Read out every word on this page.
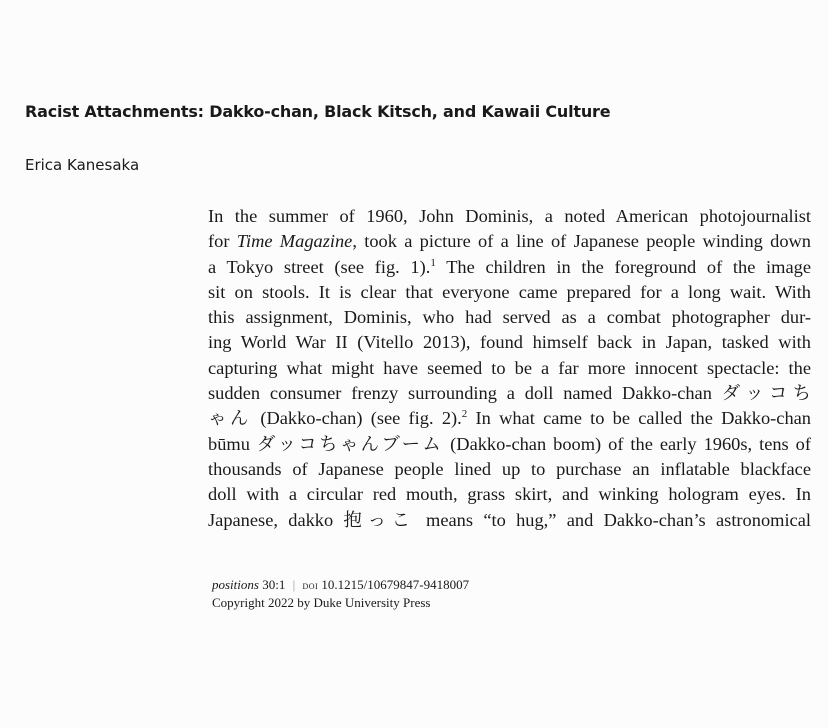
Racist Attachments: Dakko-chan, Black Kitsch, and Kawaii Culture

Erica Kanesaka

In the summer of 1960, John Dominis, a noted American photojournalist
for Time Magazine, took a picture of a line of Japanese people winding down
a Tokyo street (see fig. 1).$^1$ The children in the foreground of the image
sit on stools. It is clear that everyone came prepared for a long wait. With
this assignment, Dominis, who had served as a combat photographer dur-
ing World War II (Vitello 2013), found himself back in Japan, tasked with
capturing what might have seemed to be a far more innocent spectacle: the
sudden consumer frenzy surrounding a doll named Dakko-chan ダッコち
ゃん (Dakko-chan) (see fig. 2).$^2$ In what came to be called the Dakko-chan
būmu ダッコちゃんブーム (Dakko-chan boom) of the early 1960s, tens of
thousands of Japanese people lined up to purchase an inflatable blackface
doll with a circular red mouth, grass skirt, and winking hologram eyes. In
Japanese, dakko 抱っこ means “to hug,” and Dakko-chan’s astronomical
positions 30:1 | doi 10.1215/10679847-9418007
Copyright 2022 by Duke University Press
